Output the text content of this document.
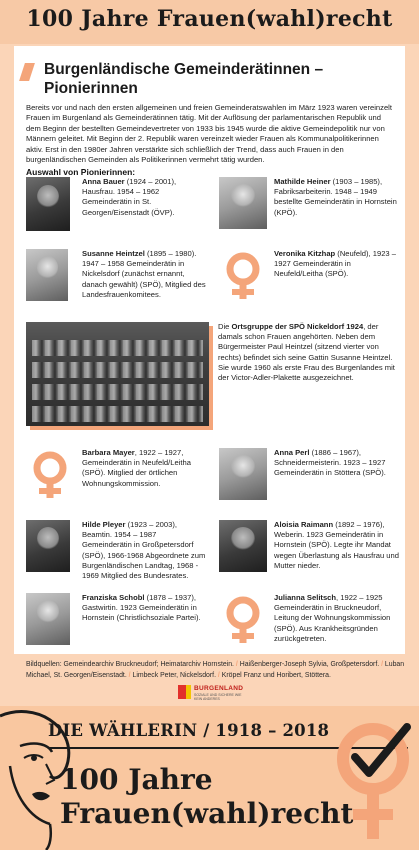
100 Jahre Frauen(wahl)recht
Burgenländische Gemeinderätinnen – Pionierinnen
Bereits vor und nach den ersten allgemeinen und freien Gemeinderatswahlen im März 1923 waren vereinzelt Frauen im Burgenland als Gemeinderätinnen tätig. Mit der Auflösung der parlamentarischen Republik und dem Beginn der bestellten Gemeindevertreter von 1933 bis 1945 wurde die aktive Gemeindepolitik nur von Männern geleitet. Mit Beginn der 2. Republik waren vereinzelt wieder Frauen als Kommunalpolitikerinnen aktiv. Erst in den 1980er Jahren verstärkte sich schließlich der Trend, dass auch Frauen in den burgenländischen Gemeinden als Politikerinnen vermehrt tätig wurden.
Auswahl von Pionierinnen:
Anna Bauer (1924 – 2001), Hausfrau. 1954 – 1962 Gemeinderätin in St. Georgen/Eisenstadt (ÖVP).
Mathilde Heiner (1903 – 1985), Fabriksarbeiterin. 1948 – 1949 bestellte Gemeinderätin in Hornstein (KPÖ).
Susanne Heintzel (1895 – 1980). 1947 – 1958 Gemeinderätin in Nickelsdorf (zunächst ernannt, danach gewählt) (SPÖ), Mitglied des Landesfrauenkomitees.
Veronika Kitzhap (Neufeld), 1923 – 1927 Gemeinderätin in Neufeld/Leitha (SPÖ).
Die Ortsgruppe der SPÖ Nickeldorf 1924, der damals schon Frauen angehörten. Neben dem Bürgermeister Paul Heintzel (sitzend vierter von rechts) befindet sich seine Gattin Susanne Heintzel. Sie wurde 1960 als erste Frau des Burgenlandes mit der Victor-Adler-Plakette ausgezeichnet.
Barbara Mayer, 1922 – 1927, Gemeinderätin in Neufeld/Leitha (SPÖ). Mitglied der örtlichen Wohnungskommission.
Anna Perl (1886 – 1967), Schneidermeisterin. 1923 – 1927 Gemeinderätin in Stöttera (SPÖ).
Hilde Pleyer (1923 – 2003), Beamtin. 1954 – 1987 Gemeinderätin in Großpetersdorf (SPÖ), 1966-1968 Abgeordnete zum Burgenländischen Landtag, 1968 - 1969 Mitglied des Bundesrates.
Aloisia Raimann (1892 – 1976), Weberin. 1923 Gemeinderätin in Hornstein (SPÖ). Legte ihr Mandat wegen Überlastung als Hausfrau und Mutter nieder.
Franziska Schobl (1878 – 1937), Gastwirtin. 1923 Gemeinderätin in Hornstein (Christlichsoziale Partei).
Julianna Selitsch, 1922 – 1925 Gemeinderätin in Bruckneudorf, Leitung der Wohnungskommission (SPÖ). Aus Krankheitsgründen zurückgetreten.
Bildquellen: Gemeindearchiv Bruckneudorf; Heimatarchiv Hornstein. / Haißenberger-Joseph Sylvia, Großpetersdorf. / Luban Michael, St. Georgen/Eisenstadt. / Limbeck Peter, Nickelsdorf. / Kröpel Franz und Horibert, Stöttera.
BURGENLAND
SOZIALE UND SICHERE WIE KEIN ANDERES
DIE WÄHLERIN / 1918 – 2018
100 Jahre
Frauen(wahl)recht
